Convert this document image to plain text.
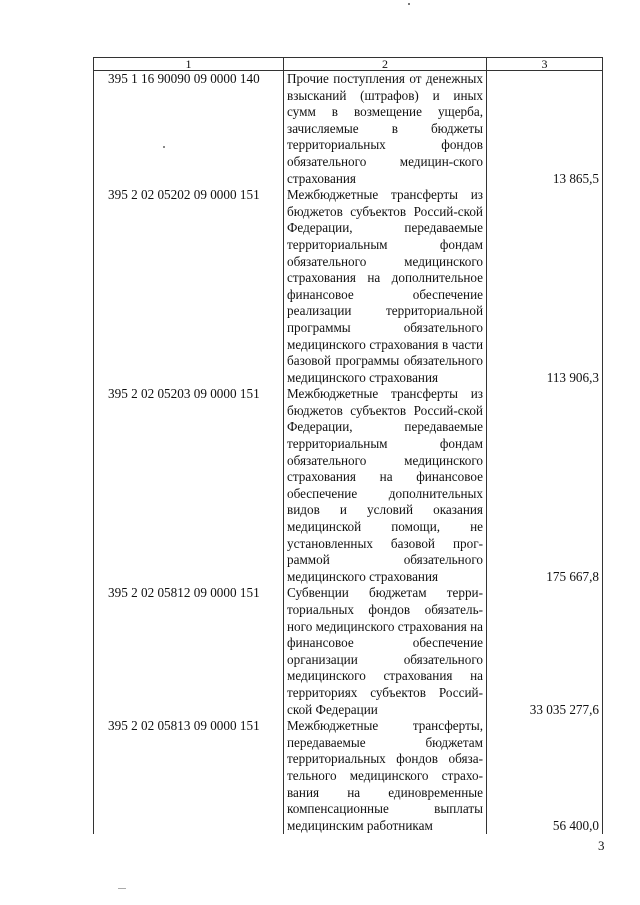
1	2	3
395 1 16 90090 09 0000 140	Прочие поступления от денежных взысканий (штрафов) и иных сумм в возмещение ущерба, зачисляемые в бюджеты территориальных фондов обязательного медицин-ского страхования	13 865,5
395 2 02 05202 09 0000 151	Межбюджетные трансферты из бюджетов субъектов Россий-ской Федерации, передаваемые территориальным фондам обязательного медицинского страхования на дополнительное финансовое обеспечение реализации территориальной программы обязательного медицинского страхования в части базовой программы обязательного медицинского страхования	113 906,3
395 2 02 05203 09 0000 151	Межбюджетные трансферты из бюджетов субъектов Россий-ской Федерации, передаваемые территориальным фондам обязательного медицинского страхования на финансовое обеспечение дополнительных видов и условий оказания медицинской помощи, не установленных базовой прог-раммой обязательного медицинского страхования	175 667,8
395 2 02 05812 09 0000 151	Субвенции бюджетам терри-ториальных фондов обязатель-ного медицинского страхования на финансовое обеспечение организации обязательного медицинского страхования на территориях субъектов Россий-ской Федерации	33 035 277,6
395 2 02 05813 09 0000 151	Межбюджетные трансферты, передаваемые бюджетам территориальных фондов обяза-тельного медицинского страхо-вания на единовременные компенсационные выплаты медицинским работникам	56 400,0
3
